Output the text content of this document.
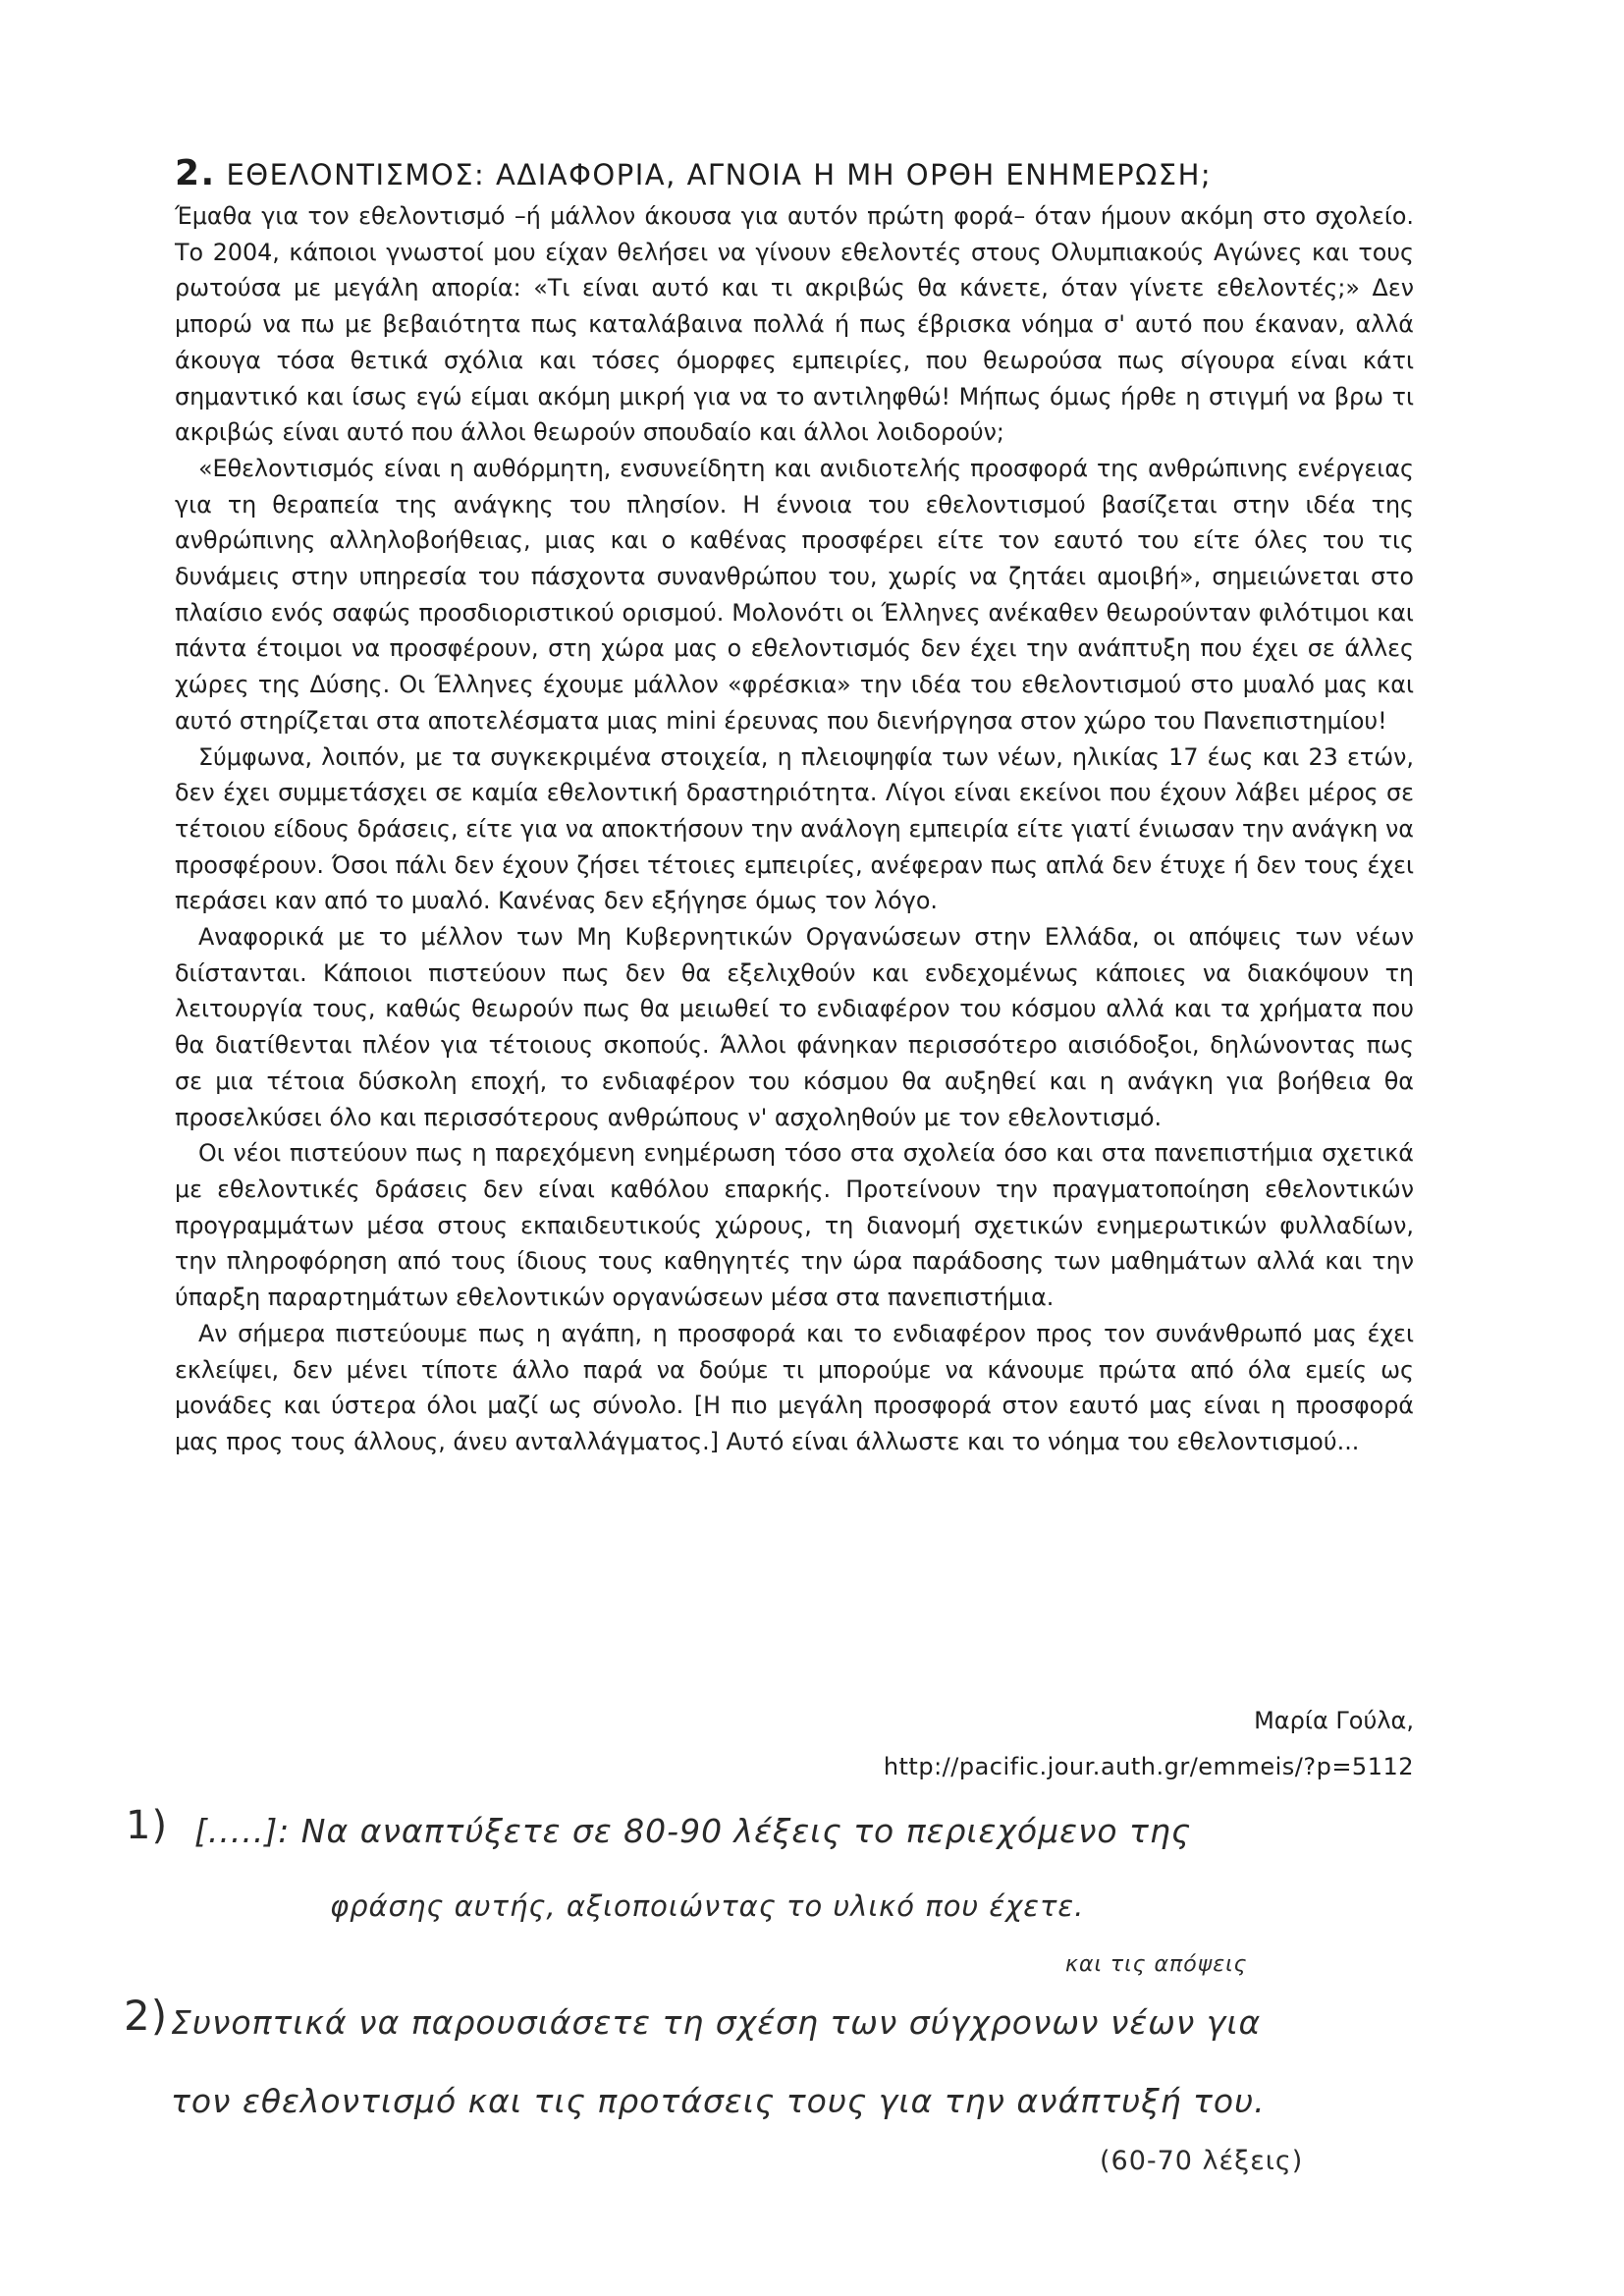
2. ΕΘΕΛΟΝΤΙΣΜΟΣ: ΑΔΙΑΦΟΡΙΑ, ΑΓΝΟΙΑ Η ΜΗ ΟΡΘΗ ΕΝΗΜΕΡΩΣΗ;

Έμαθα για τον εθελοντισμό –ή μάλλον άκουσα για αυτόν πρώτη φορά– όταν ήμουν ακόμη στο σχολείο. Το 2004, κάποιοι γνωστοί μου είχαν θελήσει να γίνουν εθελοντές στους Ολυμπιακούς Αγώνες και τους ρωτούσα με μεγάλη απορία: «Τι είναι αυτό και τι ακριβώς θα κάνετε, όταν γίνετε εθελοντές;» Δεν μπορώ να πω με βεβαιότητα πως καταλάβαινα πολλά ή πως έβρισκα νόημα σ' αυτό που έκαναν, αλλά άκουγα τόσα θετικά σχόλια και τόσες όμορφες εμπειρίες, που θεωρούσα πως σίγουρα είναι κάτι σημαντικό και ίσως εγώ είμαι ακόμη μικρή για να το αντιληφθώ! Μήπως όμως ήρθε η στιγμή να βρω τι ακριβώς είναι αυτό που άλλοι θεωρούν σπουδαίο και άλλοι λοιδορούν;

«Εθελοντισμός είναι η αυθόρμητη, ενσυνείδητη και ανιδιοτελής προσφορά της ανθρώπινης ενέργειας για τη θεραπεία της ανάγκης του πλησίον. Η έννοια του εθελοντισμού βασίζεται στην ιδέα της ανθρώπινης αλληλοβοήθειας, μιας και ο καθένας προσφέρει είτε τον εαυτό του είτε όλες του τις δυνάμεις στην υπηρεσία του πάσχοντα συνανθρώπου του, χωρίς να ζητάει αμοιβή», σημειώνεται στο πλαίσιο ενός σαφώς προσδιοριστικού ορισμού. Μολονότι οι Έλληνες ανέκαθεν θεωρούνταν φιλότιμοι και πάντα έτοιμοι να προσφέρουν, στη χώρα μας ο εθελοντισμός δεν έχει την ανάπτυξη που έχει σε άλλες χώρες της Δύσης. Οι Έλληνες έχουμε μάλλον «φρέσκια» την ιδέα του εθελοντισμού στο μυαλό μας και αυτό στηρίζεται στα αποτελέσματα μιας mini έρευνας που διενήργησα στον χώρο του Πανεπιστημίου!

Σύμφωνα, λοιπόν, με τα συγκεκριμένα στοιχεία, η πλειοψηφία των νέων, ηλικίας 17 έως και 23 ετών, δεν έχει συμμετάσχει σε καμία εθελοντική δραστηριότητα. Λίγοι είναι εκείνοι που έχουν λάβει μέρος σε τέτοιου είδους δράσεις, είτε για να αποκτήσουν την ανάλογη εμπειρία είτε γιατί ένιωσαν την ανάγκη να προσφέρουν. Όσοι πάλι δεν έχουν ζήσει τέτοιες εμπειρίες, ανέφεραν πως απλά δεν έτυχε ή δεν τους έχει περάσει καν από το μυαλό. Κανένας δεν εξήγησε όμως τον λόγο.

Αναφορικά με το μέλλον των Μη Κυβερνητικών Οργανώσεων στην Ελλάδα, οι απόψεις των νέων διίστανται. Κάποιοι πιστεύουν πως δεν θα εξελιχθούν και ενδεχομένως κάποιες να διακόψουν τη λειτουργία τους, καθώς θεωρούν πως θα μειωθεί το ενδιαφέρον του κόσμου αλλά και τα χρήματα που θα διατίθενται πλέον για τέτοιους σκοπούς. Άλλοι φάνηκαν περισσότερο αισιόδοξοι, δηλώνοντας πως σε μια τέτοια δύσκολη εποχή, το ενδιαφέρον του κόσμου θα αυξηθεί και η ανάγκη για βοήθεια θα προσελκύσει όλο και περισσότερους ανθρώπους ν' ασχοληθούν με τον εθελοντισμό.

Οι νέοι πιστεύουν πως η παρεχόμενη ενημέρωση τόσο στα σχολεία όσο και στα πανεπιστήμια σχετικά με εθελοντικές δράσεις δεν είναι καθόλου επαρκής. Προτείνουν την πραγματοποίηση εθελοντικών προγραμμάτων μέσα στους εκπαιδευτικούς χώρους, τη διανομή σχετικών ενημερωτικών φυλλαδίων, την πληροφόρηση από τους ίδιους τους καθηγητές την ώρα παράδοσης των μαθημάτων αλλά και την ύπαρξη παραρτημάτων εθελοντικών οργανώσεων μέσα στα πανεπιστήμια.

Αν σήμερα πιστεύουμε πως η αγάπη, η προσφορά και το ενδιαφέρον προς τον συνάνθρωπό μας έχει εκλείψει, δεν μένει τίποτε άλλο παρά να δούμε τι μπορούμε να κάνουμε πρώτα από όλα εμείς ως μονάδες και ύστερα όλοι μαζί ως σύνολο. [Η πιο μεγάλη προσφορά στον εαυτό μας είναι η προσφορά μας προς τους άλλους, άνευ ανταλλάγματος.] Αυτό είναι άλλωστε και το νόημα του εθελοντισμού...

Μαρία Γούλα,
http://pacific.jour.auth.gr/emmeis/?p=5112
1) [.....]: Να αναπτύξετε σε 80-90 λέξεις το περιεχόμενο της
φράσης αυτής, αξιοποιώντας το υλικό που έχετε.
2)
και τις απόψεις
Συνοπτικά να παρουσιάσετε τη σχέση των σύγχρονων νέων για
τον εθελοντισμό και τις προτάσεις τους για την ανάπτυξή του.
(60-70 λέξεις)
